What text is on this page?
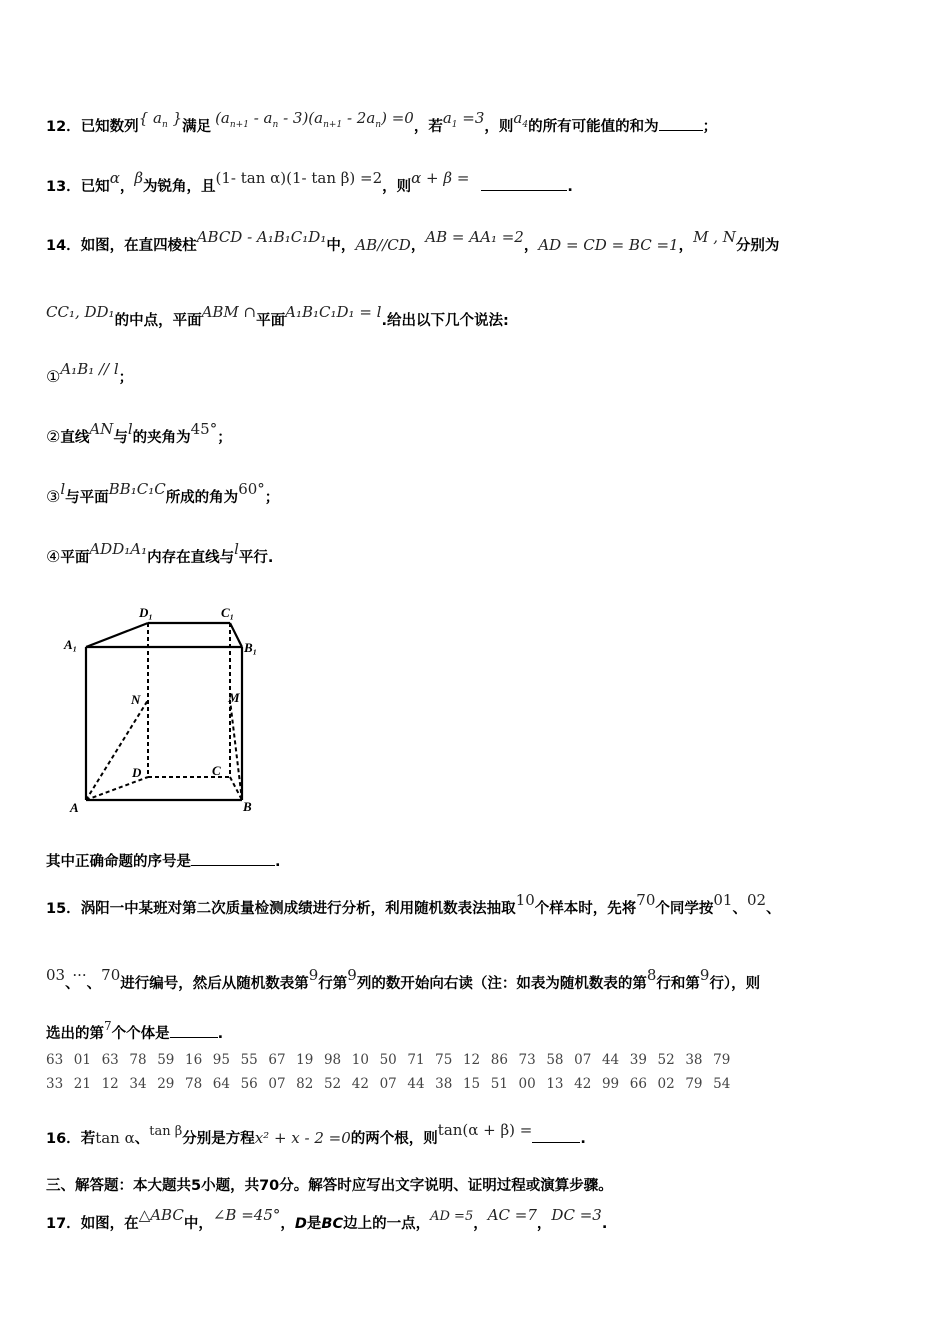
12．已知数列{ $a_n$ }满足 $(a_{n+1} - a_n - 3)(a_{n+1} - 2a_n) =0$，若$a_1 =3$，则$a_4$的所有可能值的和为	；
13．已知α，β为锐角，且(1- tan α)(1- tan β) =2，则α + β =	.
14．如图，在直四棱柱ABCD - A₁B₁C₁D₁中，AB//CD，AB = AA₁ =2，AD = CD = BC =1，M , N分别为
CC₁, DD₁的中点，平面ABM ∩平面A₁B₁C₁D₁ = l.给出以下几个说法:
①A₁B₁ // l；
②直线AN与l的夹角为45°；
③l与平面BB₁C₁C所成的角为60°；
④平面ADD₁A₁内存在直线与l平行.
D₁	C₁
A₁	B₁
N	M
D	C
A	B
其中正确命题的序号是	.
15．涡阳一中某班对第二次质量检测成绩进行分析，利用随机数表法抽取10个样本时，先将70个同学按01、02、
03、···、70进行编号，然后从随机数表第9行第9列的数开始向右读（注：如表为随机数表的第8行和第9行），则
选出的第$^7$个个体是	.
63 01 63 78 59 16 95 55 67 19 98 10 50 71 75 12 86 73 58 07 44 39 52 38 79
33 21 12 34 29 78 64 56 07 82 52 42 07 44 38 15 51 00 13 42 99 66 02 79 54
16．若tan α、tan β分别是方程x² + x - 2 =0的两个根，则tan(α + β) =	.
三、解答题：本大题共5小题，共70分。解答时应写出文字说明、证明过程或演算步骤。
17．如图，在△ABC中，∠B =45°，D是BC边上的一点，AD =5，AC =7，DC =3.
